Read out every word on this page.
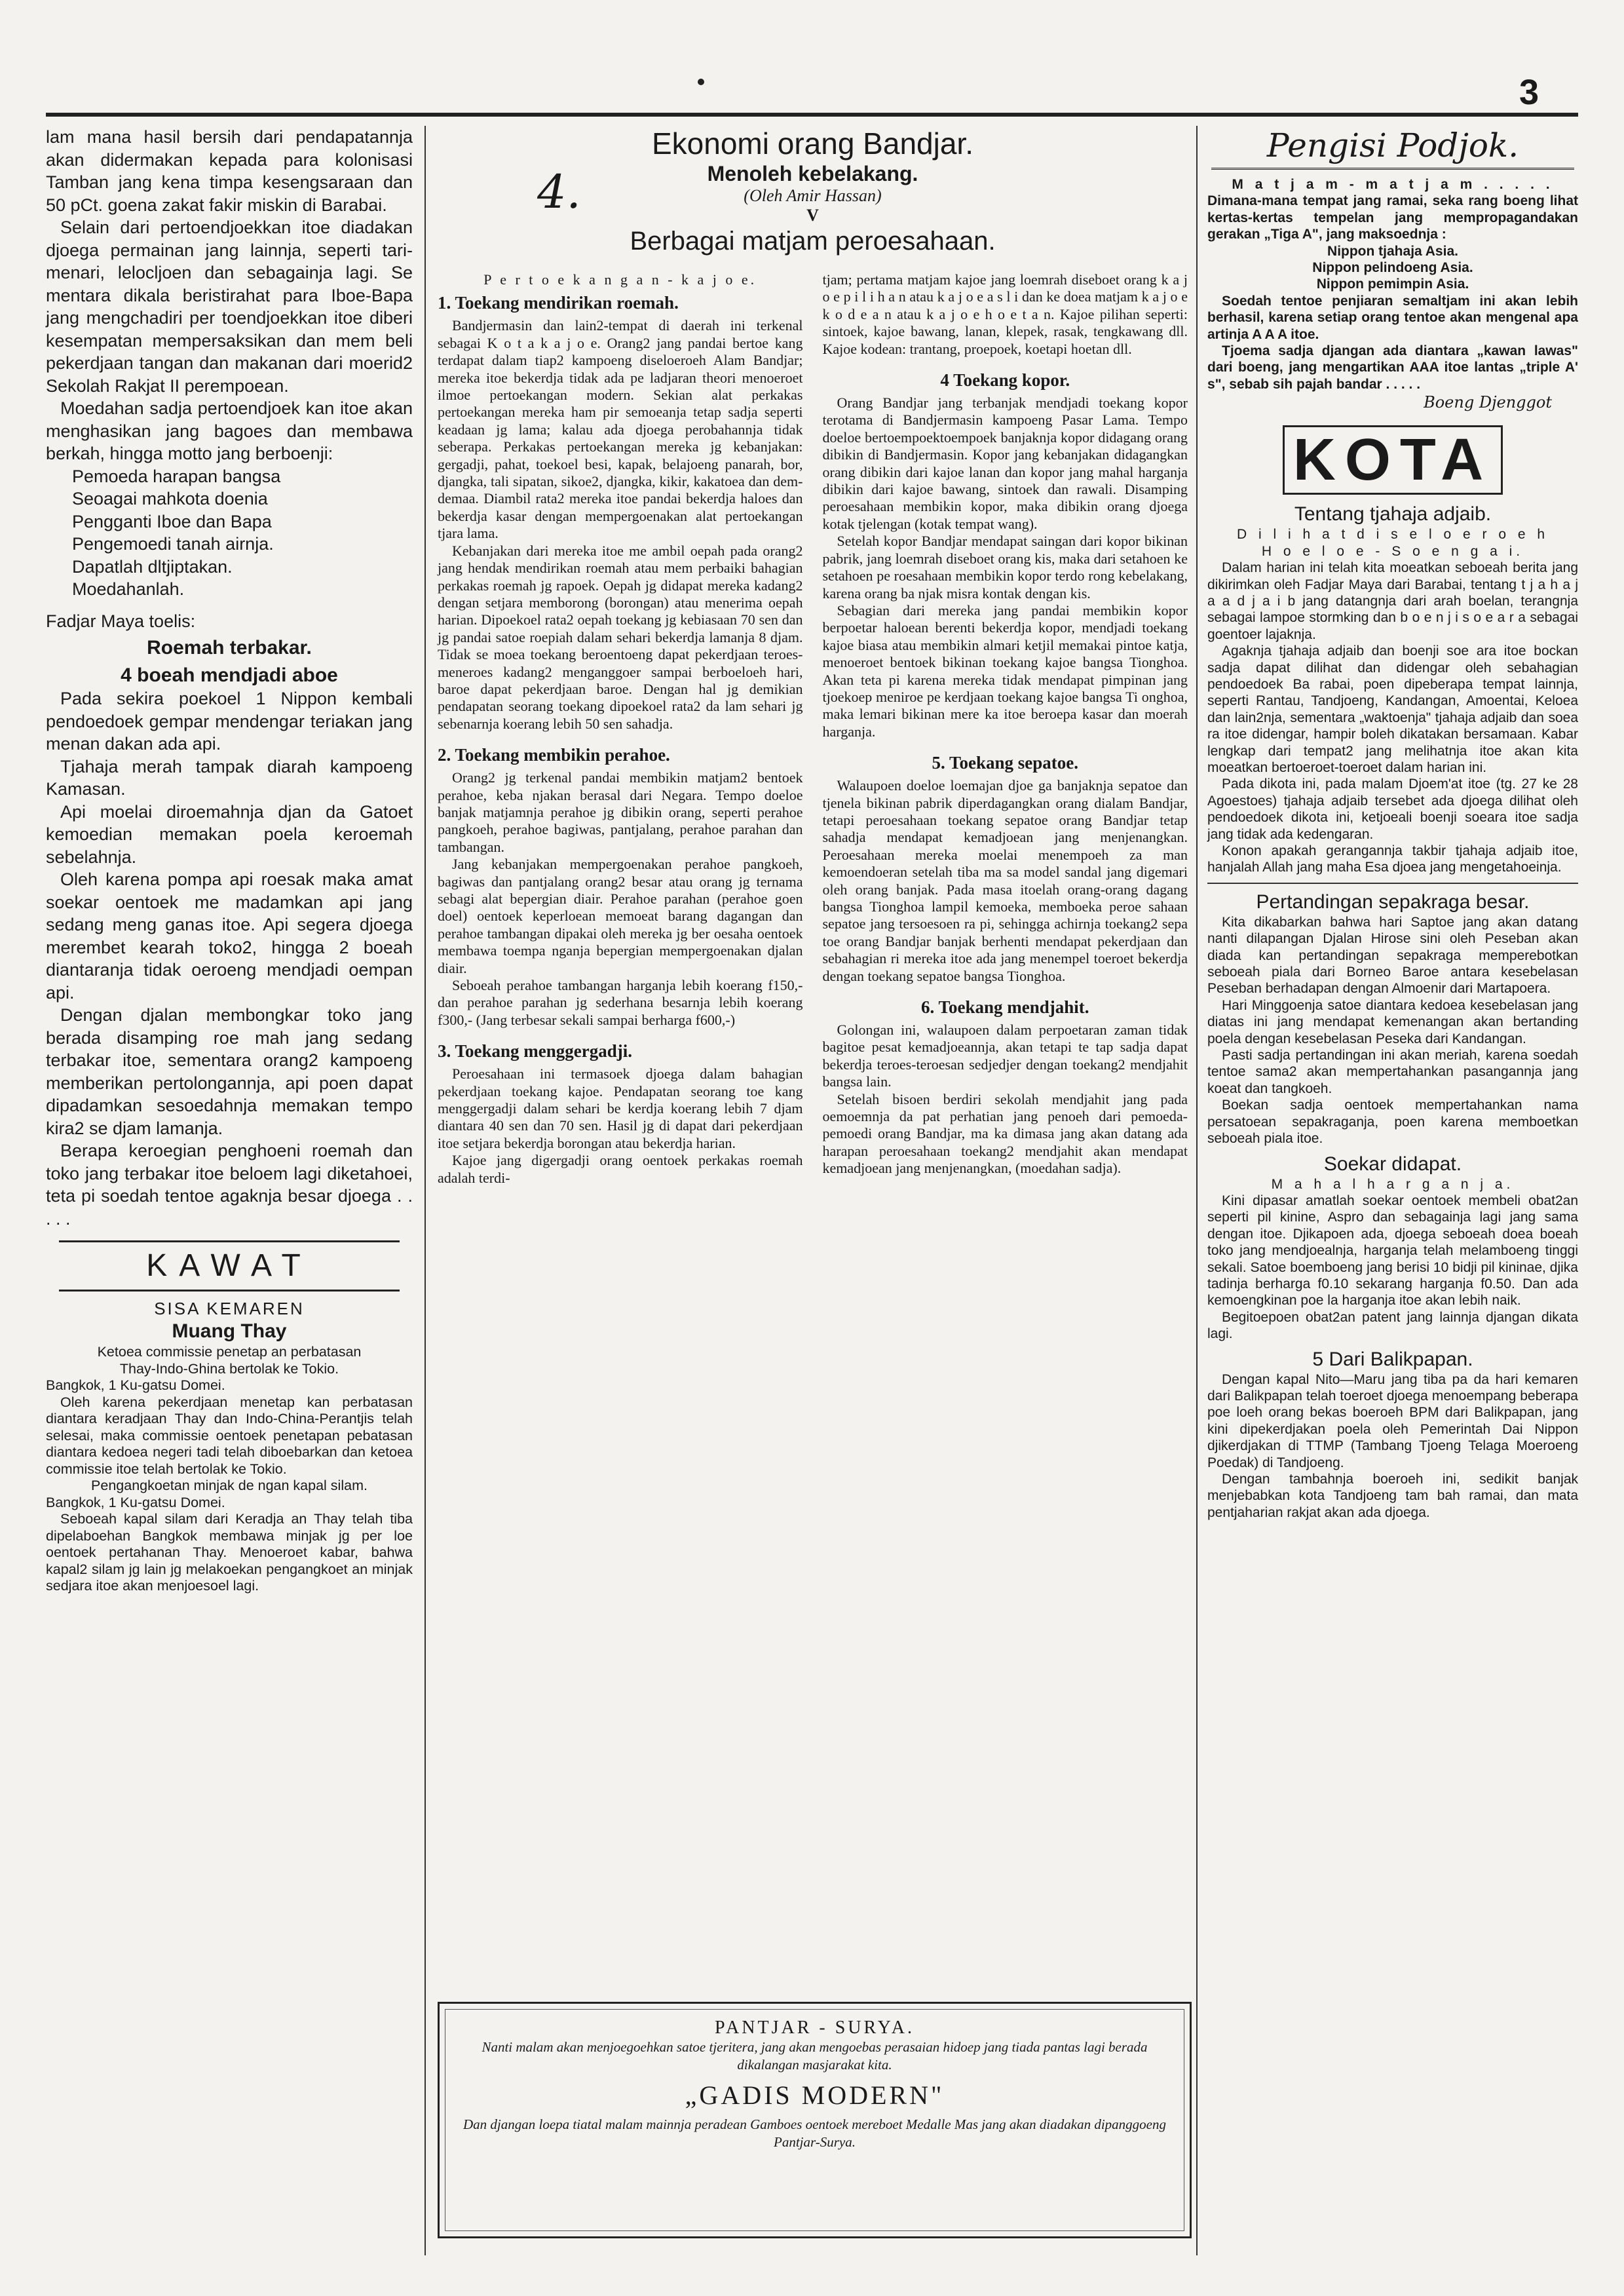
3

lam mana hasil bersih dari pendapatannja akan didermakan kepada para kolonisasi Tamban jang kena timpa kesengsaraan dan 50 pCt. goena zakat fakir miskin di Barabai.

Selain dari pertoendjoekkan itoe diadakan djoega permainan jang lainnja, seperti tari-menari, lelocljoen dan sebagainja lagi. Se mentara dikala beristirahat para Iboe-Bapa jang mengchadiri per toendjoekkan itoe diberi kesempatan mempersaksikan dan mem beli pekerdjaan tangan dan makanan dari moerid2 Sekolah Rakjat II perempoean.

Moedahan sadja pertoendjoek kan itoe akan menghasikan jang bagoes dan membawa berkah, hingga motto jang berboenji:

Pemoeda harapan bangsa
Seoagai mahkota doenia
Pengganti Iboe dan Bapa
Pengemoedi tanah airnja.
Dapatlah dltjiptakan.
Moedahanlah.

Fadjar Maya toelis:

Roemah terbakar.
4 boeah mendjadi aboe

Pada sekira poekoel 1 Nippon kembali pendoedoek gempar mendengar teriakan jang menan dakan ada api.

Tjahaja merah tampak diarah kampoeng Kamasan.

Api moelai diroemahnja djan da Gatoet kemoedian memakan poela keroemah sebelahnja.

Oleh karena pompa api roesak maka amat soekar oentoek me madamkan api jang sedang meng ganas itoe. Api segera djoega merembet kearah toko2, hingga 2 boeah diantaranja tidak oeroeng mendjadi oempan api.

Dengan djalan membongkar toko jang berada disamping roe mah jang sedang terbakar itoe, sementara orang2 kampoeng memberikan pertolongannja, api poen dapat dipadamkan sesoedahnja memakan tempo kira2 se djam lamanja.

Berapa keroegian penghoeni roemah dan toko jang terbakar itoe beloem lagi diketahoei, teta pi soedah tentoe agaknja besar djoega . . . . .

KAWAT
SISA KEMAREN
Muang Thay

Ketoea commissie penetap an perbatasan Thay-Indo-Ghina bertolak ke Tokio.

Bangkok, 1 Ku-gatsu Domei.

Oleh karena pekerdjaan menetap kan perbatasan diantara keradjaan Thay dan Indo-China-Perantjis telah selesai, maka commissie oentoek penetapan pebatasan diantara kedoea negeri tadi telah diboebarkan dan ketoea commissie itoe telah bertolak ke Tokio.

Pengangkoetan minjak de ngan kapal silam.

Bangkok, 1 Ku-gatsu Domei.

Seboeah kapal silam dari Keradja an Thay telah tiba dipelaboehan Bangkok membawa minjak jg per loe oentoek pertahanan Thay. Menoeroet kabar, bahwa kapal2 silam jg lain jg melakoekan pengangkoet an minjak sedjara itoe akan menjoesoel lagi.

4.
Ekonomi orang Bandjar.
Menoleh kebelakang.
(Oleh Amir Hassan)
V
Berbagai matjam peroesahaan.

P e r t o e k a n g a n - k a j o e.

1. Toekang mendirikan roemah.

Bandjermasin dan lain2-tempat di daerah ini terkenal sebagai K o t a k a j o e. Orang2 jang pandai bertoe kang terdapat dalam tiap2 kampoeng diseloeroeh Alam Bandjar; mereka itoe bekerdja tidak ada pe ladjaran theori menoeroet ilmoe pertoekangan modern. Sekian alat perkakas pertoekangan mereka ham pir semoeanja tetap sadja seperti keadaan jg lama; kalau ada djoega perobahannja tidak seberapa. Perkakas pertoekangan mereka jg kebanjakan: gergadji, pahat, toekoel besi, kapak, belajoeng panarah, bor, djangka, tali sipatan, sikoe2, djangka, kikir, kakatoea dan dem-demaa. Diambil rata2 mereka itoe pandai bekerdja haloes dan bekerdja kasar dengan mempergoenakan alat pertoekangan tjara lama.

Kebanjakan dari mereka itoe me ambil oepah pada orang2 jang hendak mendirikan roemah atau mem perbaiki bahagian perkakas roemah jg rapoek. Oepah jg didapat mereka kadang2 dengan setjara memborong (borongan) atau menerima oepah harian. Dipoekoel rata2 oepah toekang jg kebiasaan 70 sen dan jg pandai satoe roepiah dalam sehari bekerdja lamanja 8 djam. Tidak se moea toekang beroentoeng dapat pekerdjaan teroes-meneroes kadang2 menganggoer sampai berboeloeh hari, baroe dapat pekerdjaan baroe. Dengan hal jg demikian pendapatan seorang toekang dipoekoel rata2 da lam sehari jg sebenarnja koerang lebih 50 sen sahadja.

2. Toekang membikin perahoe.

Orang2 jg terkenal pandai membikin matjam2 bentoek perahoe, keba njakan berasal dari Negara. Tempo doeloe banjak matjamnja perahoe jg dibikin orang, seperti perahoe pangkoeh, perahoe bagiwas, pantjalang, perahoe parahan dan tambangan.

Jang kebanjakan mempergoenakan perahoe pangkoeh, bagiwas dan pantjalang orang2 besar atau orang jg ternama sebagi alat bepergian diair. Perahoe parahan (perahoe goen doel) oentoek keperloean memoeat barang dagangan dan perahoe tambangan dipakai oleh mereka jg ber oesaha oentoek membawa toempa nganja bepergian mempergoenakan djalan diair.

Seboeah perahoe tambangan harganja lebih koerang f150,- dan perahoe parahan jg sederhana besarnja lebih koerang f300,- (Jang terbesar sekali sampai berharga f600,-)

3. Toekang menggergadji.

Peroesahaan ini termasoek djoega dalam bahagian pekerdjaan toekang kajoe. Pendapatan seorang toe kang menggergadji dalam sehari be kerdja koerang lebih 7 djam diantara 40 sen dan 70 sen. Hasil jg di dapat dari pekerdjaan itoe setjara bekerdja borongan atau bekerdja harian.

Kajoe jang digergadji orang oentoek perkakas roemah adalah terdi-

tjam; pertama matjam kajoe jang loemrah diseboet orang k a j o e p i l i h a n atau k a j o e a s l i dan ke doea matjam k a j o e k o d e a n atau k a j o e h o e t a n. Kajoe pilihan seperti: sintoek, kajoe bawang, lanan, klepek, rasak, tengkawang dll. Kajoe kodean: trantang, proepoek, koetapi hoetan dll.

4 Toekang kopor.

Orang Bandjar jang terbanjak mendjadi toekang kopor terotama di Bandjermasin kampoeng Pasar Lama. Tempo doeloe bertoempoektoempoek banjaknja kopor didagang orang dibikin di Bandjermasin. Kopor jang kebanjakan didagangkan orang dibikin dari kajoe lanan dan kopor jang mahal harganja dibikin dari kajoe bawang, sintoek dan rawali. Disamping peroesahaan membikin kopor, maka dibikin orang djoega kotak tjelengan (kotak tempat wang).

Setelah kopor Bandjar mendapat saingan dari kopor bikinan pabrik, jang loemrah diseboet orang kis, maka dari setahoen ke setahoen pe roesahaan membikin kopor terdo rong kebelakang, karena orang ba njak misra kontak dengan kis.

Sebagian dari mereka jang pandai membikin kopor berpoetar haloean berenti bekerdja kopor, mendjadi toekang kajoe biasa atau membikin almari ketjil memakai pintoe katja, menoeroet bentoek bikinan toekang kajoe bangsa Tionghoa. Akan teta pi karena mereka tidak mendapat pimpinan jang tjoekoep meniroe pe kerdjaan toekang kajoe bangsa Ti onghoa, maka lemari bikinan mere ka itoe beroepa kasar dan moerah harganja.

5. Toekang sepatoe.

Walaupoen doeloe loemajan djoe ga banjaknja sepatoe dan tjenela bikinan pabrik diperdagangkan orang dialam Bandjar, tetapi peroesahaan toekang sepatoe orang Bandjar tetap sahadja mendapat kemadjoean jang menjenangkan. Peroesahaan mereka moelai menempoeh za man kemoendoeran setelah tiba ma sa model sandal jang digemari oleh orang banjak. Pada masa itoelah orang-orang dagang bangsa Tionghoa lampil kemoeka, memboeka peroe sahaan sepatoe jang tersoesoen ra pi, sehingga achirnja toekang2 sepa toe orang Bandjar banjak berhenti mendapat pekerdjaan dan sebahagian ri mereka itoe ada jang menempel toeroet bekerdja dengan toekang sepatoe bangsa Tionghoa.

6. Toekang mendjahit.

Golongan ini, walaupoen dalam perpoetaran zaman tidak bagitoe pesat kemadjoeannja, akan tetapi te tap sadja dapat bekerdja teroes-teroesan sedjedjer dengan toekang2 mendjahit bangsa lain.

Setelah bisoen berdiri sekolah mendjahit jang pada oemoemnja da pat perhatian jang penoeh dari pemoeda-pemoedi orang Bandjar, ma ka dimasa jang akan datang ada harapan peroesahaan toekang2 mendjahit akan mendapat kemadjoean jang menjenangkan, (moedahan sadja).

PANTJAR - SURYA.
Nanti malam akan menjoegoehkan satoe tjeritera, jang akan mengoebas perasaian hidoep jang tiada pantas lagi berada dikalangan masjarakat kita.
„GADIS MODERN"
Dan djangan loepa tiatal malam mainnja peradean Gamboes oentoek mereboet Medalle Mas jang akan diadakan dipanggoeng Pantjar-Surya.
Pengisi Podjok.

M a t j a m - m a t j a m . . . . .

Dimana-mana tempat jang ramai, seka rang boeng lihat kertas-kertas tempelan jang mempropagandakan gerakan „Tiga A", jang maksoednja :

Nippon tjahaja Asia.

Nippon pelindoeng Asia.

Nippon pemimpin Asia.

Soedah tentoe penjiaran semaltjam ini akan lebih berhasil, karena setiap orang tentoe akan mengenal apa artinja A A A itoe.

Tjoema sadja djangan ada diantara „kawan lawas" dari boeng, jang mengartikan AAA itoe lantas „triple A' s", sebab sih pajah bandar . . . . .

Boeng Djenggot
KOTA
Tentang tjahaja adjaib.

D i l i h a t d i s e l o e r o e h

H o e l o e - S o e n g a i.

Dalam harian ini telah kita moeatkan seboeah berita jang dikirimkan oleh Fadjar Maya dari Barabai, tentang t j a h a j a a d j a i b jang datangnja dari arah boelan, terangnja sebagai lampoe stormking dan b o e n j i s o e a r a sebagai goentoer lajaknja.

Agaknja tjahaja adjaib dan boenji soe ara itoe bockan sadja dapat dilihat dan didengar oleh sebahagian pendoedoek Ba rabai, poen dipeberapa tempat lainnja, seperti Rantau, Tandjoeng, Kandangan, Amoentai, Keloea dan lain2nja, sementara „waktoenja" tjahaja adjaib dan soea ra itoe didengar, hampir boleh dikatakan bersamaan. Kabar lengkap dari tempat2 jang melihatnja itoe akan kita moeatkan bertoeroet-toeroet dalam harian ini.

Pada dikota ini, pada malam Djoem'at itoe (tg. 27 ke 28 Agoestoes) tjahaja adjaib tersebet ada djoega dilihat oleh pendoedoek dikota ini, ketjoeali boenji soeara itoe sadja jang tidak ada kedengaran.

Konon apakah gerangannja takbir tjahaja adjaib itoe, hanjalah Allah jang maha Esa djoea jang mengetahoeinja.

Pertandingan sepakraga besar.

Kita dikabarkan bahwa hari Saptoe jang akan datang nanti dilapangan Djalan Hirose sini oleh Peseban akan diada kan pertandingan sepakraga memperebotkan seboeah piala dari Borneo Baroe antara kesebelasan Peseban berhadapan dengan Almoenir dari Martapoera.

Hari Minggoenja satoe diantara kedoea kesebelasan jang diatas ini jang mendapat kemenangan akan bertanding poela dengan kesebelasan Peseka dari Kandangan.

Pasti sadja pertandingan ini akan meriah, karena soedah tentoe sama2 akan mempertahankan pasangannja jang koeat dan tangkoeh.

Boekan sadja oentoek mempertahankan nama persatoean sepakraganja, poen karena memboetkan seboeah piala itoe.

Soekar didapat.

M a h a l h a r g a n j a.

Kini dipasar amatlah soekar oentoek membeli obat2an seperti pil kinine, Aspro dan sebagainja lagi jang sama dengan itoe. Djikapoen ada, djoega seboeah doea boeah toko jang mendjoealnja, harganja telah melamboeng tinggi sekali. Satoe boemboeng jang berisi 10 bidji pil kininae, djika tadinja berharga f0.10 sekarang harganja f0.50. Dan ada kemoengkinan poe la harganja itoe akan lebih naik.

Begitoepoen obat2an patent jang lainnja djangan dikata lagi.

5 Dari Balikpapan.

Dengan kapal Nito—Maru jang tiba pa da hari kemaren dari Balikpapan telah toeroet djoega menoempang beberapa poe loeh orang bekas boeroeh BPM dari Balikpapan, jang kini dipekerdjakan poela oleh Pemerintah Dai Nippon djikerdjakan di TTMP (Tambang Tjoeng Telaga Moeroeng Poedak) di Tandjoeng.

Dengan tambahnja boeroeh ini, sedikit banjak menjebabkan kota Tandjoeng tam bah ramai, dan mata pentjaharian rakjat akan ada djoega.
